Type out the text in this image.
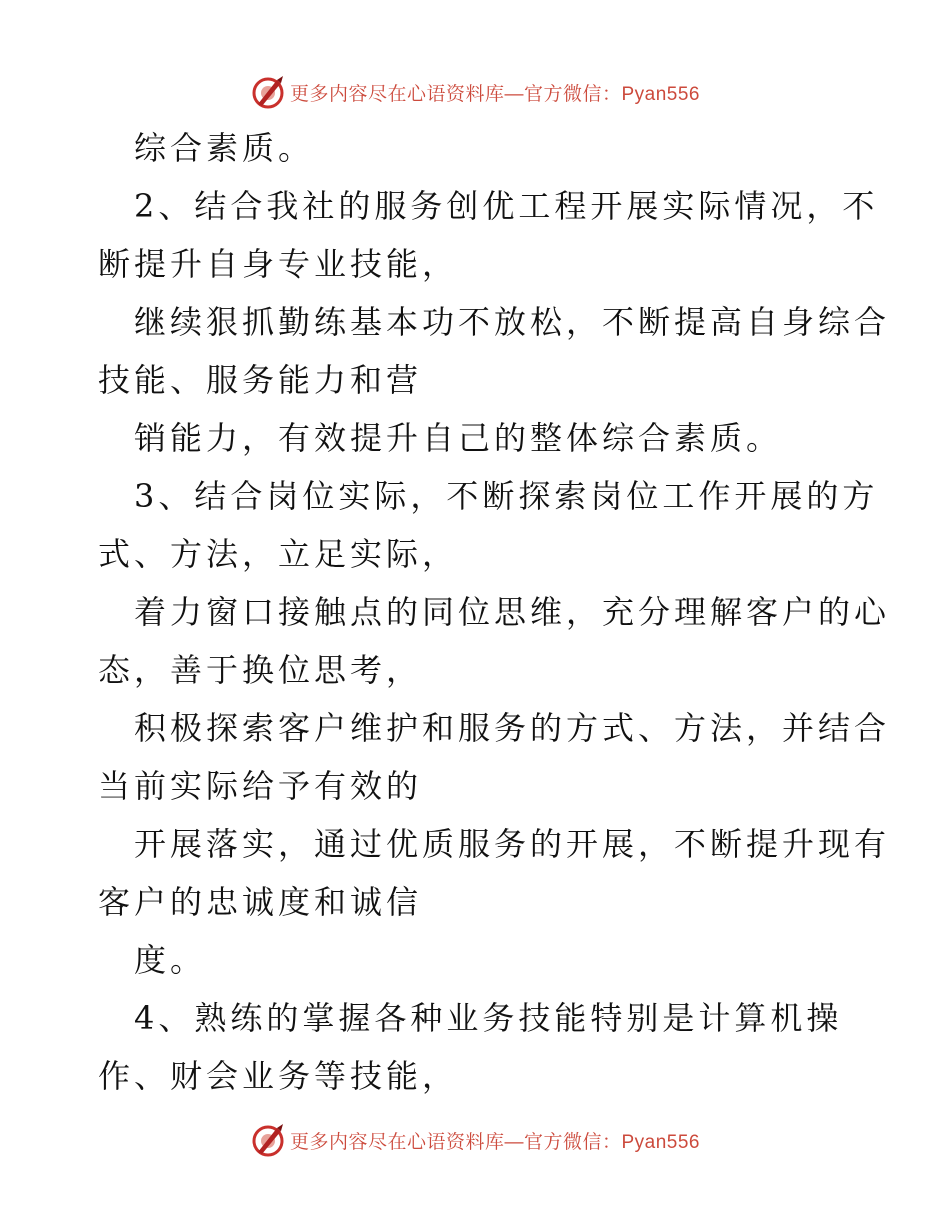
更多内容尽在心语资料库—官方微信：Pyan556
综合素质。
2、结合我社的服务创优工程开展实际情况，不
断提升自身专业技能，
继续狠抓勤练基本功不放松，不断提高自身综合
技能、服务能力和营
销能力，有效提升自己的整体综合素质。
3、结合岗位实际，不断探索岗位工作开展的方
式、方法，立足实际，
着力窗口接触点的同位思维，充分理解客户的心
态，善于换位思考，
积极探索客户维护和服务的方式、方法，并结合
当前实际给予有效的
开展落实，通过优质服务的开展，不断提升现有
客户的忠诚度和诚信
度。
4、熟练的掌握各种业务技能特别是计算机操
作、财会业务等技能，
更多内容尽在心语资料库—官方微信：Pyan556
